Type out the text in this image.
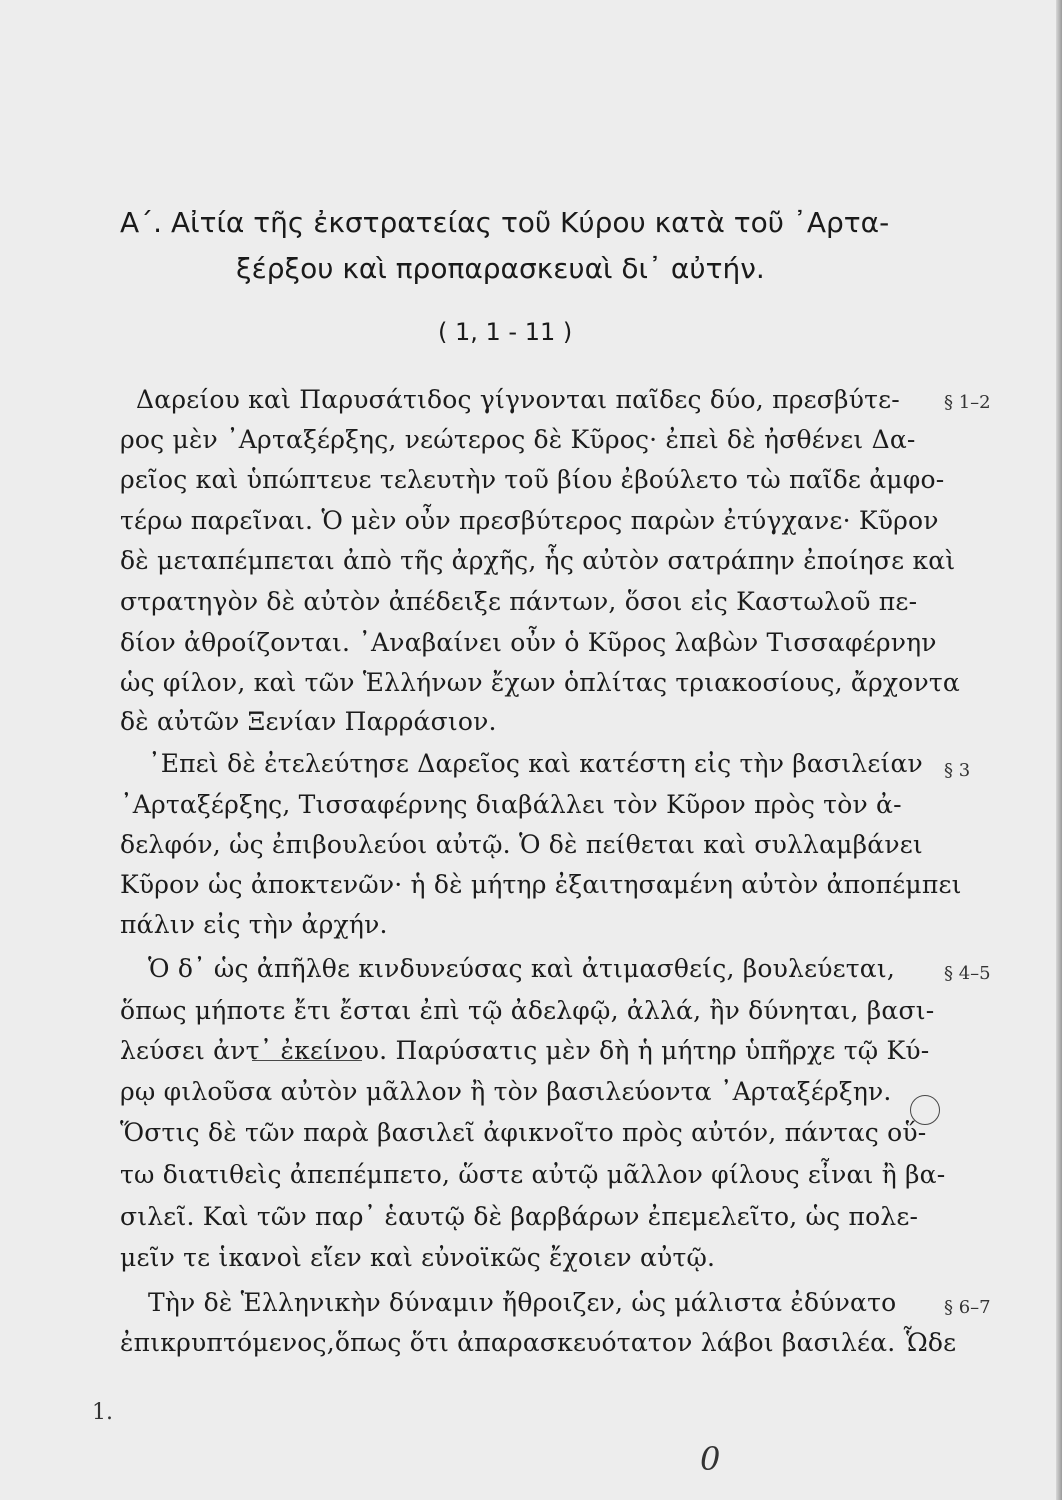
Α΄. Αἰτία τῆς ἐκστρατείας τοῦ Κύρου κατὰ τοῦ ᾿Αρτα-
ξέρξου καὶ προπαρασκευαὶ δι᾿ αὐτήν.
( 1, 1 - 11 )
Δαρείου καὶ Παρυσάτιδος γίγνονται παῖδες δύο, πρεσβύτε-
ρος μὲν ᾿Αρταξέρξης, νεώτερος δὲ Κῦρος· ἐπεὶ δὲ ἠσθένει Δα-
ρεῖος καὶ ὑπώπτευε τελευτὴν τοῦ βίου ἐβούλετο τὼ παῖδε ἀμφο-
τέρω παρεῖναι. Ὁ μὲν οὖν πρεσβύτερος παρὼν ἐτύγχανε· Κῦρον
δὲ μεταπέμπεται ἀπὸ τῆς ἀρχῆς, ἧς αὐτὸν σατράπην ἐποίησε καὶ
στρατηγὸν δὲ αὐτὸν ἀπέδειξε πάντων, ὅσοι εἰς Καστωλοῦ πε-
δίον ἀθροίζονται. ᾿Αναβαίνει οὖν ὁ Κῦρος λαβὼν Τισσαφέρνην
ὡς φίλον, καὶ τῶν Ἑλλήνων ἔχων ὁπλίτας τριακοσίους, ἄρχοντα
δὲ αὐτῶν Ξενίαν Παρράσιον.
᾿Επεὶ δὲ ἐτελεύτησε Δαρεῖος καὶ κατέστη εἰς τὴν βασιλείαν
᾿Αρταξέρξης, Τισσαφέρνης διαβάλλει τὸν Κῦρον πρὸς τὸν ἀ-
δελφόν, ὡς ἐπιβουλεύοι αὐτῷ. Ὁ δὲ πείθεται καὶ συλλαμβάνει
Κῦρον ὡς ἀποκτενῶν· ἡ δὲ μήτηρ ἐξαιτησαμένη αὐτὸν ἀποπέμπει
πάλιν εἰς τὴν ἀρχήν.
Ὁ δ᾿ ὡς ἀπῆλθε κινδυνεύσας καὶ ἀτιμασθείς, βουλεύεται,
ὅπως μήποτε ἔτι ἔσται ἐπὶ τῷ ἀδελφῷ, ἀλλά, ἢν δύνηται, βασι-
λεύσει ἀντ᾿ ἐκείνου. Παρύσατις μὲν δὴ ἡ μήτηρ ὑπῆρχε τῷ Κύ-
ρῳ φιλοῦσα αὐτὸν μᾶλλον ἢ τὸν βασιλεύοντα ᾿Αρταξέρξην.
Ὅστις δὲ τῶν παρὰ βασιλεῖ ἀφικνοῖτο πρὸς αὐτόν, πάντας οὕ-
τω διατιθεὶς ἀπεπέμπετο, ὥστε αὐτῷ μᾶλλον φίλους εἶναι ἢ βα-
σιλεῖ. Καὶ τῶν παρ᾿ ἑαυτῷ δὲ βαρβάρων ἐπεμελεῖτο, ὡς πολε-
μεῖν τε ἱκανοὶ εἴεν καὶ εὐνοϊκῶς ἔχοιεν αὐτῷ.
Τὴν δὲ Ἑλληνικὴν δύναμιν ἤθροιζεν, ὡς μάλιστα ἐδύνατο
ἐπικρυπτόμενος,ὅπως ὅτι ἀπαρασκευότατον λάβοι βασιλέα. Ὧδε
§ 1–2
§ 3
§ 4–5
§ 6–7
1.
0
